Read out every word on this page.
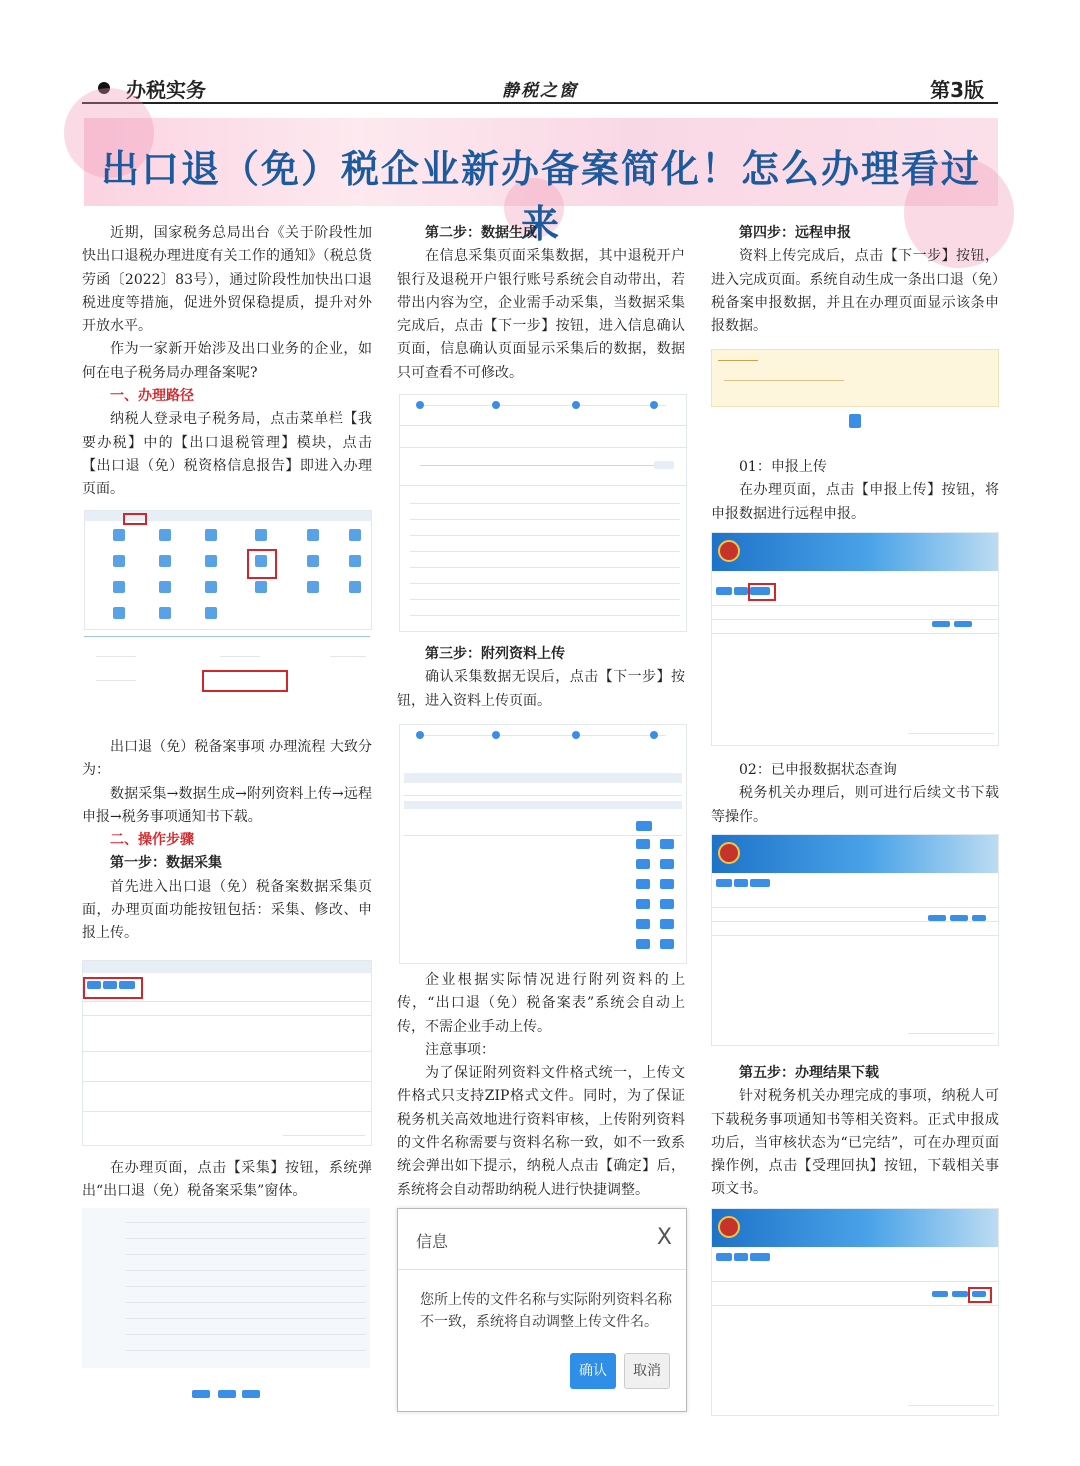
办税实务	静税之窗	第3版
出口退（免）税企业新办备案简化！怎么办理看过来

近期，国家税务总局出台《关于阶段性加快出口退税办理进度有关工作的通知》（税总货劳函〔2022〕83号），通过阶段性加快出口退税进度等措施，促进外贸保稳提质，提升对外开放水平。

作为一家新开始涉及出口业务的企业，如何在电子税务局办理备案呢?

一、办理路径

纳税人登录电子税务局，点击菜单栏【我要办税】中的【出口退税管理】模块，点击【出口退（免）税资格信息报告】即进入办理页面。

出口退（免）税备案事项 办理流程 大致分为：

数据采集→数据生成→附列资料上传→远程申报→税务事项通知书下载。

二、操作步骤

第一步：数据采集

首先进入出口退（免）税备案数据采集页面，办理页面功能按钮包括：采集、修改、申报上传。

在办理页面，点击【采集】按钮，系统弹出“出口退（免）税备案采集”窗体。

第二步：数据生成

在信息采集页面采集数据，其中退税开户银行及退税开户银行账号系统会自动带出，若带出内容为空，企业需手动采集，当数据采集完成后，点击【下一步】按钮，进入信息确认页面，信息确认页面显示采集后的数据，数据只可查看不可修改。

第三步：附列资料上传

确认采集数据无误后，点击【下一步】按钮，进入资料上传页面。

企业根据实际情况进行附列资料的上传，“出口退（免）税备案表”系统会自动上传，不需企业手动上传。

注意事项：

为了保证附列资料文件格式统一，上传文件格式只支持ZIP格式文件。同时，为了保证税务机关高效地进行资料审核，上传附列资料的文件名称需要与资料名称一致，如不一致系统会弹出如下提示，纳税人点击【确定】后，系统将会自动帮助纳税人进行快捷调整。

信息	X
您所上传的文件名称与实际附列资料名称不一致，系统将自动调整上传文件名。
确认	取消

第四步：远程申报

资料上传完成后，点击【下一步】按钮，进入完成页面。系统自动生成一条出口退（免）税备案申报数据，并且在办理页面显示该条申报数据。

01：申报上传

在办理页面，点击【申报上传】按钮，将申报数据进行远程申报。

02：已申报数据状态查询

税务机关办理后，则可进行后续文书下载等操作。

第五步：办理结果下载

针对税务机关办理完成的事项，纳税人可下载税务事项通知书等相关资料。正式申报成功后，当审核状态为“已完结”，可在办理页面操作例，点击【受理回执】按钮，下载相关事项文书。
